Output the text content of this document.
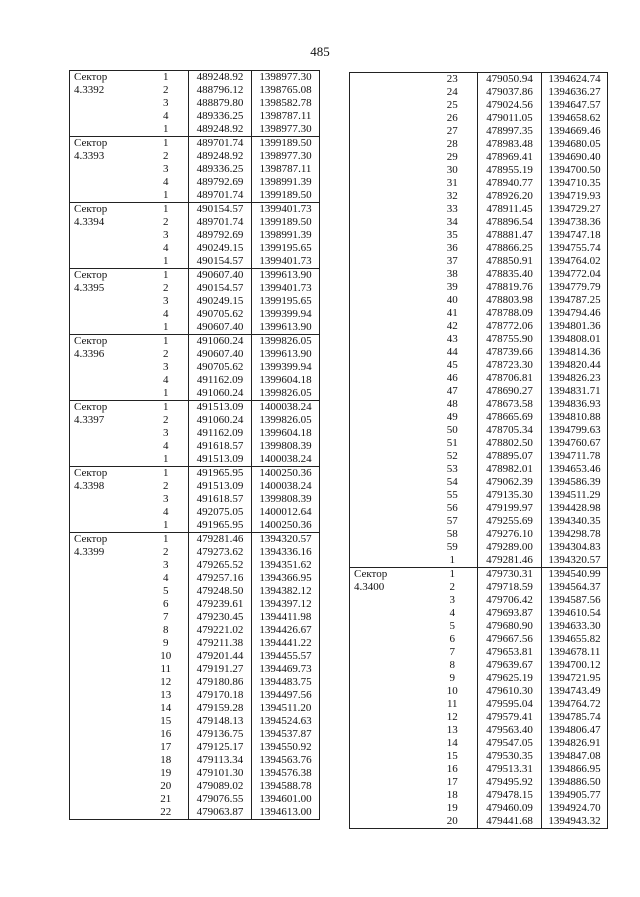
485
Сектор	1	489248.92	1398977.30
4.3392	2	488796.12	1398765.08
	3	488879.80	1398582.78
	4	489336.25	1398787.11
	1	489248.92	1398977.30
Сектор	1	489701.74	1399189.50
4.3393	2	489248.92	1398977.30
	3	489336.25	1398787.11
	4	489792.69	1398991.39
	1	489701.74	1399189.50
Сектор	1	490154.57	1399401.73
4.3394	2	489701.74	1399189.50
	3	489792.69	1398991.39
	4	490249.15	1399195.65
	1	490154.57	1399401.73
Сектор	1	490607.40	1399613.90
4.3395	2	490154.57	1399401.73
	3	490249.15	1399195.65
	4	490705.62	1399399.94
	1	490607.40	1399613.90
Сектор	1	491060.24	1399826.05
4.3396	2	490607.40	1399613.90
	3	490705.62	1399399.94
	4	491162.09	1399604.18
	1	491060.24	1399826.05
Сектор	1	491513.09	1400038.24
4.3397	2	491060.24	1399826.05
	3	491162.09	1399604.18
	4	491618.57	1399808.39
	1	491513.09	1400038.24
Сектор	1	491965.95	1400250.36
4.3398	2	491513.09	1400038.24
	3	491618.57	1399808.39
	4	492075.05	1400012.64
	1	491965.95	1400250.36
Сектор	1	479281.46	1394320.57
4.3399	2	479273.62	1394336.16
	3	479265.52	1394351.62
	4	479257.16	1394366.95
	5	479248.50	1394382.12
	6	479239.61	1394397.12
	7	479230.45	1394411.98
	8	479221.02	1394426.67
	9	479211.38	1394441.22
	10	479201.44	1394455.57
	11	479191.27	1394469.73
	12	479180.86	1394483.75
	13	479170.18	1394497.56
	14	479159.28	1394511.20
	15	479148.13	1394524.63
	16	479136.75	1394537.87
	17	479125.17	1394550.92
	18	479113.34	1394563.76
	19	479101.30	1394576.38
	20	479089.02	1394588.78
	21	479076.55	1394601.00
	22	479063.87	1394613.00
	23	479050.94	1394624.74
	24	479037.86	1394636.27
	25	479024.56	1394647.57
	26	479011.05	1394658.62
	27	478997.35	1394669.46
	28	478983.48	1394680.05
	29	478969.41	1394690.40
	30	478955.19	1394700.50
	31	478940.77	1394710.35
	32	478926.20	1394719.93
	33	478911.45	1394729.27
	34	478896.54	1394738.36
	35	478881.47	1394747.18
	36	478866.25	1394755.74
	37	478850.91	1394764.02
	38	478835.40	1394772.04
	39	478819.76	1394779.79
	40	478803.98	1394787.25
	41	478788.09	1394794.46
	42	478772.06	1394801.36
	43	478755.90	1394808.01
	44	478739.66	1394814.36
	45	478723.30	1394820.44
	46	478706.81	1394826.23
	47	478690.27	1394831.71
	48	478673.58	1394836.93
	49	478665.69	1394810.88
	50	478705.34	1394799.63
	51	478802.50	1394760.67
	52	478895.07	1394711.78
	53	478982.01	1394653.46
	54	479062.39	1394586.39
	55	479135.30	1394511.29
	56	479199.97	1394428.98
	57	479255.69	1394340.35
	58	479276.10	1394298.78
	59	479289.00	1394304.83
	1	479281.46	1394320.57
Сектор	1	479730.31	1394540.99
4.3400	2	479718.59	1394564.37
	3	479706.42	1394587.56
	4	479693.87	1394610.54
	5	479680.90	1394633.30
	6	479667.56	1394655.82
	7	479653.81	1394678.11
	8	479639.67	1394700.12
	9	479625.19	1394721.95
	10	479610.30	1394743.49
	11	479595.04	1394764.72
	12	479579.41	1394785.74
	13	479563.40	1394806.47
	14	479547.05	1394826.91
	15	479530.35	1394847.08
	16	479513.31	1394866.95
	17	479495.92	1394886.50
	18	479478.15	1394905.77
	19	479460.09	1394924.70
	20	479441.68	1394943.32
